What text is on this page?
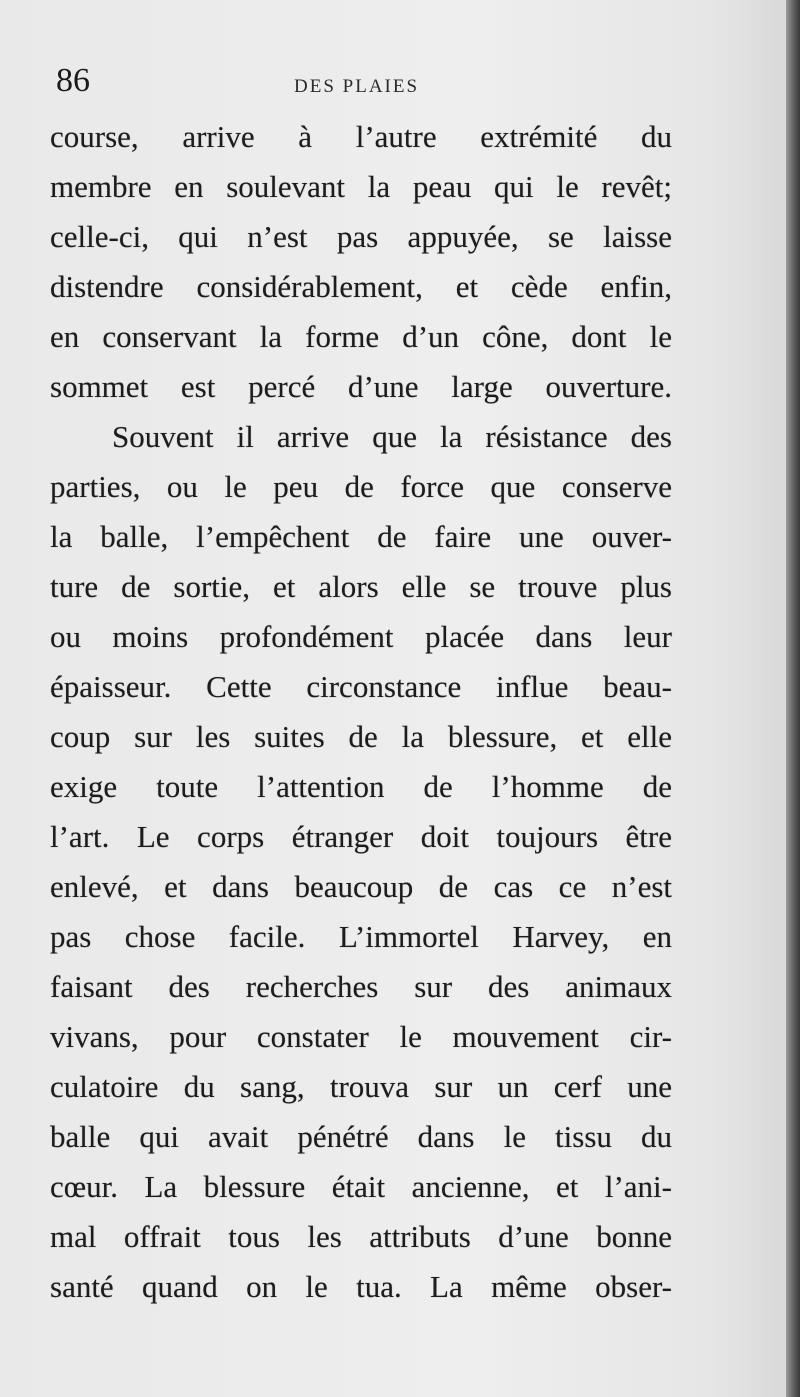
86	DES PLAIES
course, arrive à l’autre extrémité du
membre en soulevant la peau qui le revêt;
celle-ci, qui n’est pas appuyée, se laisse
distendre considérablement, et cède enfin,
en conservant la forme d’un cône, dont le
sommet est percé d’une large ouverture.
Souvent il arrive que la résistance des
parties, ou le peu de force que conserve
la balle, l’empêchent de faire une ouver-
ture de sortie, et alors elle se trouve plus
ou moins profondément placée dans leur
épaisseur. Cette circonstance influe beau-
coup sur les suites de la blessure, et elle
exige toute l’attention de l’homme de
l’art. Le corps étranger doit toujours être
enlevé, et dans beaucoup de cas ce n’est
pas chose facile. L’immortel Harvey, en
faisant des recherches sur des animaux
vivans, pour constater le mouvement cir-
culatoire du sang, trouva sur un cerf une
balle qui avait pénétré dans le tissu du
cœur. La blessure était ancienne, et l’ani-
mal offrait tous les attributs d’une bonne
santé quand on le tua. La même obser-
